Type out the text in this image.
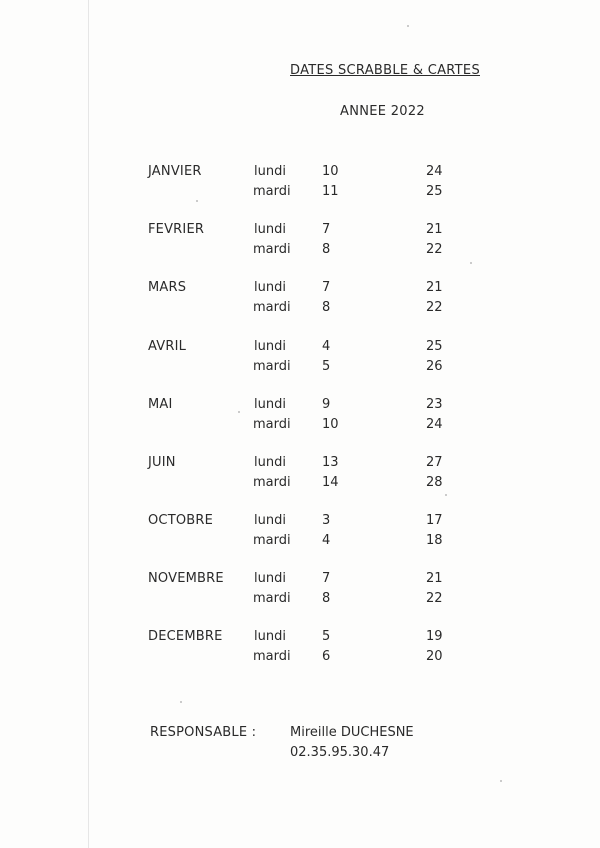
DATES SCRABBLE & CARTES
ANNEE 2022
JANVIER	lundi	10	24
mardi 11	25
FEVRIER	lundi	7	21
mardi 8	22
MARS	lundi	7	21
mardi 8	22
AVRIL	lundi	4	25
mardi 5	26
MAI	lundi	9	23
mardi 10	24
JUIN	lundi	13	27
mardi 14	28
OCTOBRE	lundi	3	17
mardi 4	18
NOVEMBRE lundi	7	21
mardi 8	22
DECEMBRE lundi	5	19
mardi 6	20
RESPONSABLE :	Mireille DUCHESNE
02.35.95.30.47
